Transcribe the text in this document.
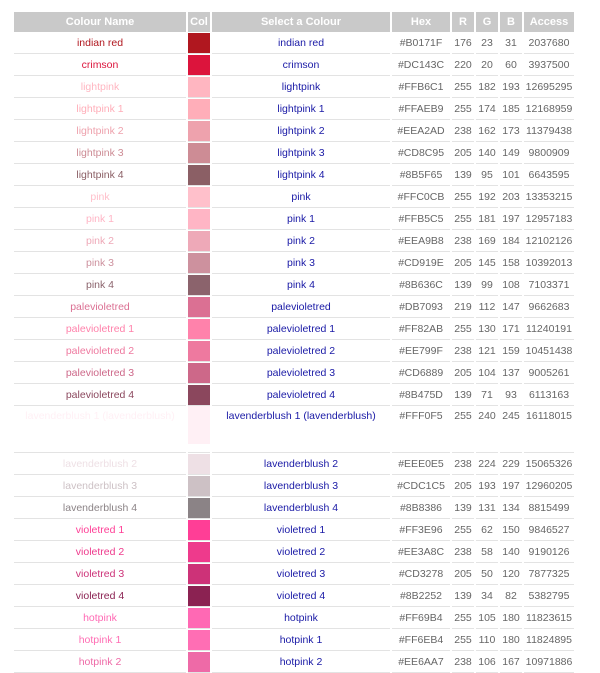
Colour Name	Col	Select a Colour	Hex	R	G	B	Access
indian red		indian red	#B0171F	176	23	31	2037680
crimson		crimson	#DC143C	220	20	60	3937500
lightpink		lightpink	#FFB6C1	255	182	193	12695295
lightpink 1		lightpink 1	#FFAEB9	255	174	185	12168959
lightpink 2		lightpink 2	#EEA2AD	238	162	173	11379438
lightpink 3		lightpink 3	#CD8C95	205	140	149	9800909
lightpink 4		lightpink 4	#8B5F65	139	95	101	6643595
pink		pink	#FFC0CB	255	192	203	13353215
pink 1		pink 1	#FFB5C5	255	181	197	12957183
pink 2		pink 2	#EEA9B8	238	169	184	12102126
pink 3		pink 3	#CD919E	205	145	158	10392013
pink 4		pink 4	#8B636C	139	99	108	7103371
palevioletred		palevioletred	#DB7093	219	112	147	9662683
palevioletred 1		palevioletred 1	#FF82AB	255	130	171	11240191
palevioletred 2		palevioletred 2	#EE799F	238	121	159	10451438
palevioletred 3		palevioletred 3	#CD6889	205	104	137	9005261
palevioletred 4		palevioletred 4	#8B475D	139	71	93	6113163
lavenderblush 1 (lavenderblush)		lavenderblush 1 (lavenderblush)	#FFF0F5	255	240	245	16118015
lavenderblush 2		lavenderblush 2	#EEE0E5	238	224	229	15065326
lavenderblush 3		lavenderblush 3	#CDC1C5	205	193	197	12960205
lavenderblush 4		lavenderblush 4	#8B8386	139	131	134	8815499
violetred 1		violetred 1	#FF3E96	255	62	150	9846527
violetred 2		violetred 2	#EE3A8C	238	58	140	9190126
violetred 3		violetred 3	#CD3278	205	50	120	7877325
violetred 4		violetred 4	#8B2252	139	34	82	5382795
hotpink		hotpink	#FF69B4	255	105	180	11823615
hotpink 1		hotpink 1	#FF6EB4	255	110	180	11824895
hotpink 2		hotpink 2	#EE6AA7	238	106	167	10971886
